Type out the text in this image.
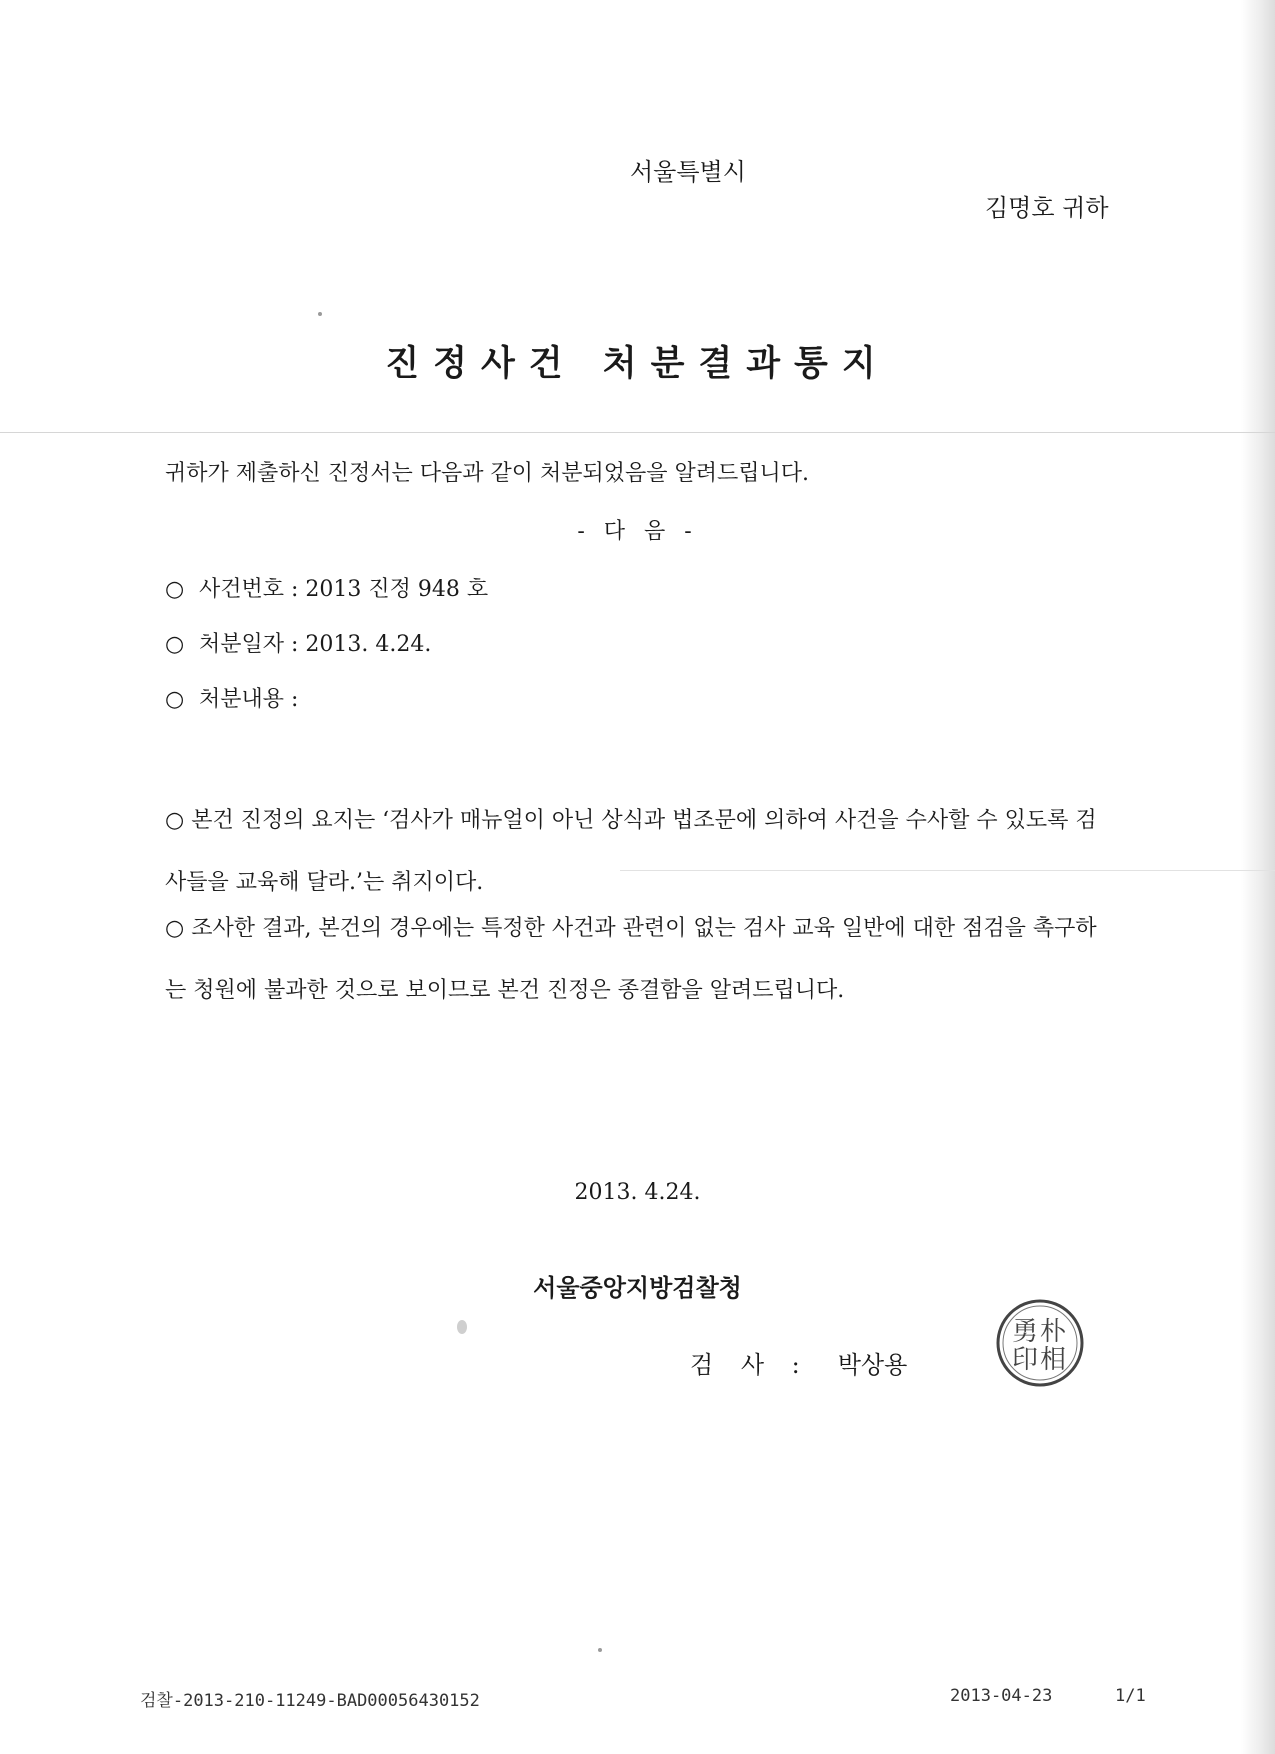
서울특별시
김명호 귀하
진정사건 처분결과통지
귀하가 제출하신 진정서는 다음과 같이 처분되었음을 알려드립니다.
- 다 음 -
○ 사건번호 : 2013 진정 948 호
○ 처분일자 : 2013. 4.24.
○ 처분내용 :
○ 본건 진정의 요지는 ‘검사가 매뉴얼이 아닌 상식과 법조문에 의하여 사건을 수사할 수 있도록 검사들을 교육해 달라.’는 취지이다.
○ 조사한 결과, 본건의 경우에는 특정한 사건과 관련이 없는 검사 교육 일반에 대한 점검을 촉구하는 청원에 불과한 것으로 보이므로 본건 진정은 종결함을 알려드립니다.
2013. 4.24.
서울중앙지방검찰청
검 사 : 박상용
朴
勇
相
印
검찰-2013-210-11249-BAD00056430152	2013-04-23	1/1
